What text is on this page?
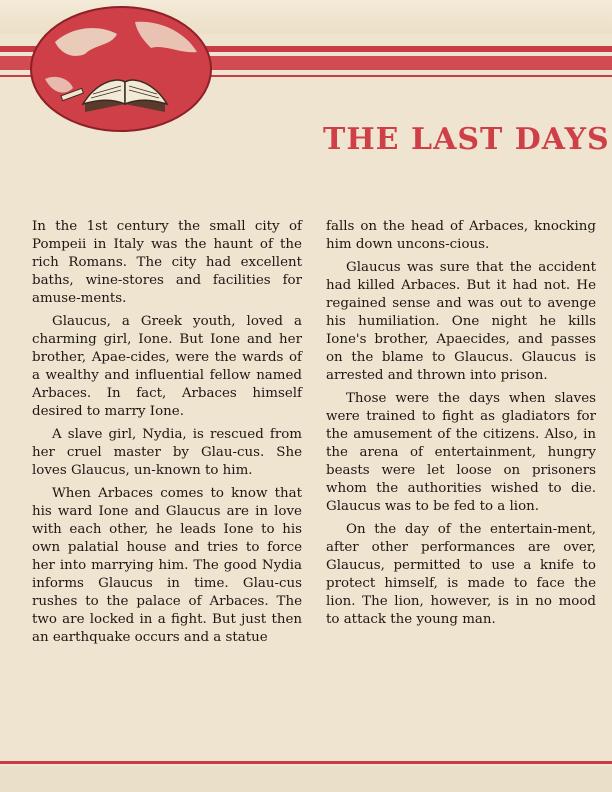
THE LAST DAYS

In the 1st century the small city of Pompeii in Italy was the haunt of the rich Romans. The city had excellent baths, wine-stores and facilities for amuse-ments.

Glaucus, a Greek youth, loved a charming girl, Ione. But Ione and her brother, Apae-cides, were the wards of a wealthy and influential fellow named Arbaces. In fact, Arbaces himself desired to marry Ione.

A slave girl, Nydia, is rescued from her cruel master by Glau-cus. She loves Glaucus, un-known to him.

When Arbaces comes to know that his ward Ione and Glaucus are in love with each other, he leads Ione to his own palatial house and tries to force her into marrying him. The good Nydia informs Glaucus in time. Glau-cus rushes to the palace of Arbaces. The two are locked in a fight. But just then an earthquake occurs and a statue

falls on the head of Arbaces, knocking him down uncons-cious.

Glaucus was sure that the accident had killed Arbaces. But it had not. He regained sense and was out to avenge his humiliation. One night he kills Ione's brother, Apaecides, and passes on the blame to Glaucus. Glaucus is arrested and thrown into prison.

Those were the days when slaves were trained to fight as gladiators for the amusement of the citizens. Also, in the arena of entertainment, hungry beasts were let loose on prisoners whom the authorities wished to die. Glaucus was to be fed to a lion.

On the day of the entertain-ment, after other performances are over, Glaucus, permitted to use a knife to protect himself, is made to face the lion. The lion, however, is in no mood to attack the young man.
